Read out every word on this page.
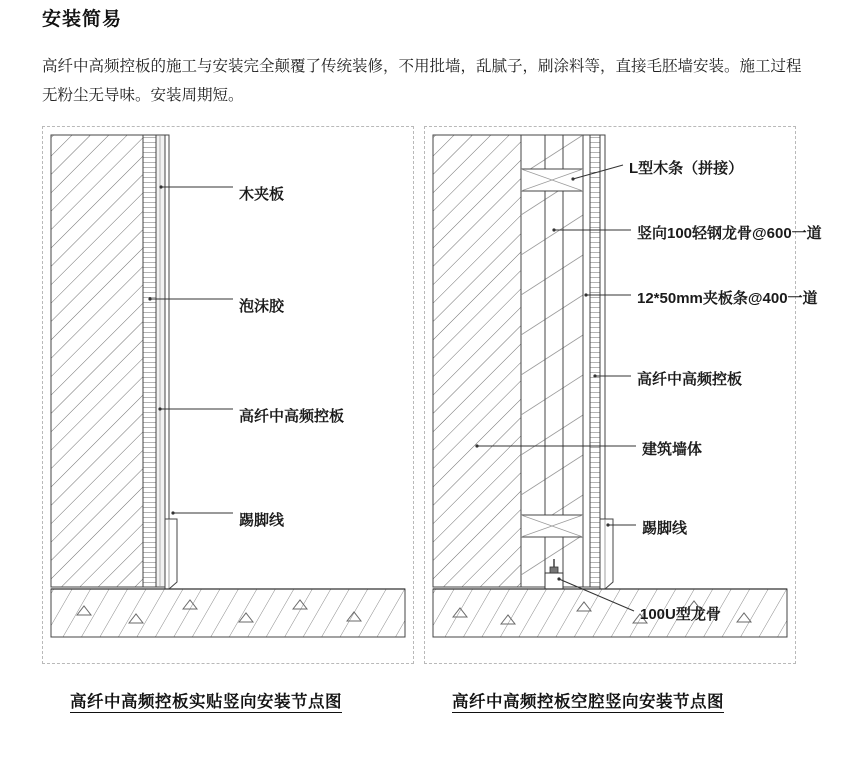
安装简易
高纤中高频控板的施工与安装完全颠覆了传统装修，不用批墙，乱腻子，刷涂料等，直接毛胚墙安装。施工过程无粉尘无导味。安装周期短。
木夹板
泡沫胶
高纤中高频控板
踢脚线
L型木条（拼接）
竖向100轻钢龙骨@600一道
12*50mm夹板条@400一道
高纤中高频控板
建筑墙体
踢脚线
100U型龙骨
高纤中高频控板实贴竖向安装节点图	高纤中高频控板空腔竖向安装节点图
